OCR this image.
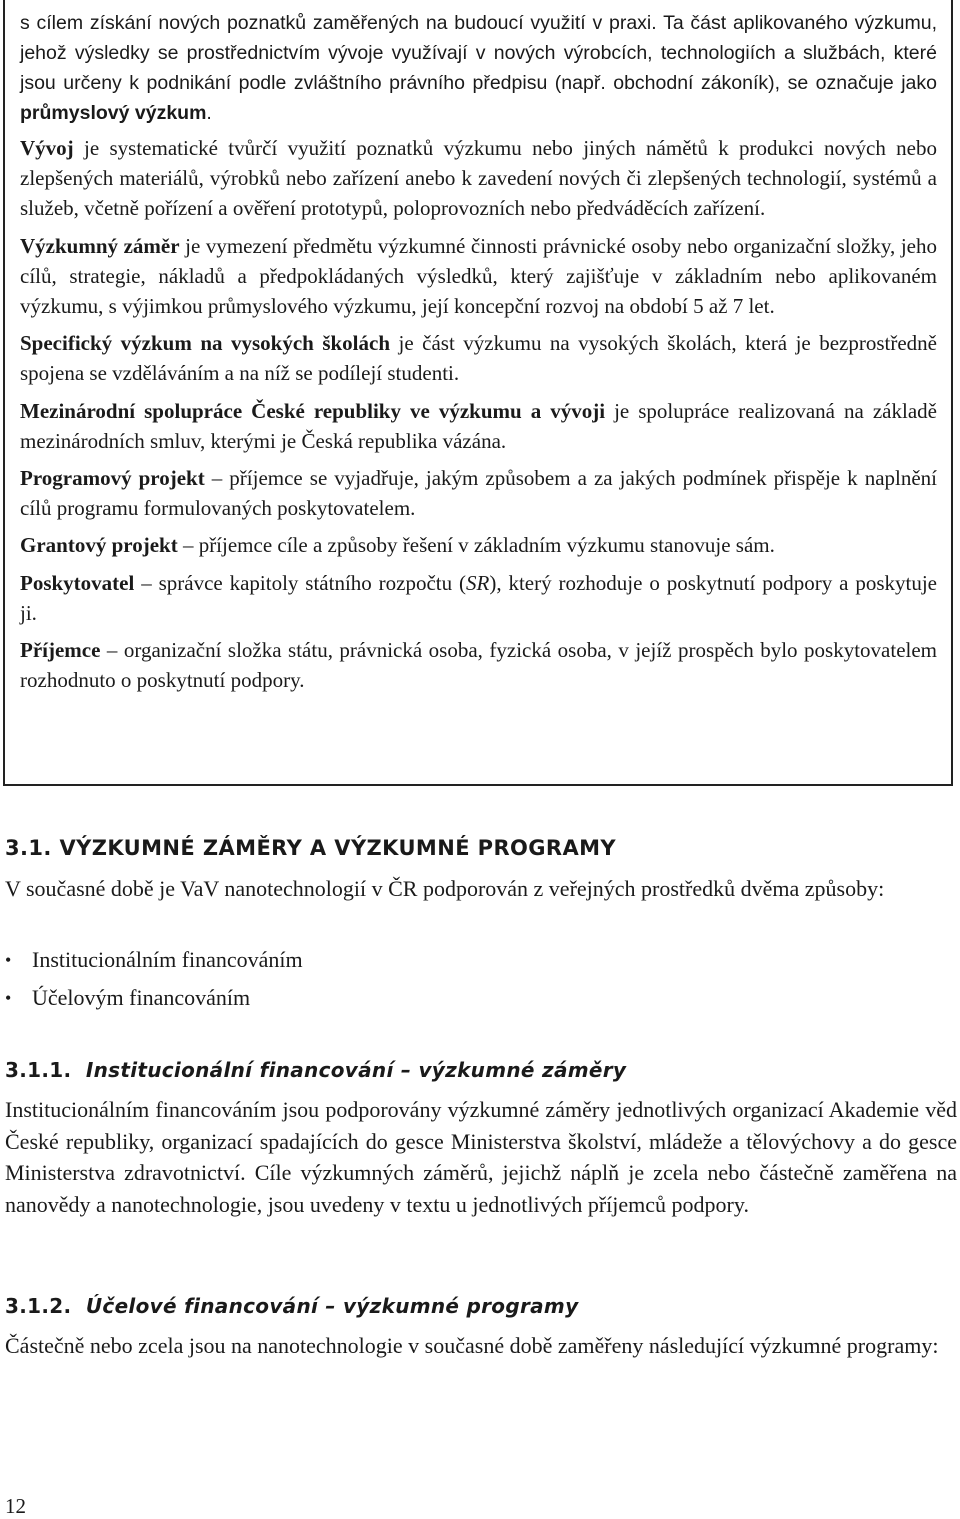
s cílem získání nových poznatků zaměřených na budoucí využití v praxi. Ta část aplikovaného výzkumu, jehož výsledky se prostřednictvím vývoje využívají v nových výrobcích, technologiích a službách, které jsou určeny k podnikání podle zvláštního právního předpisu (např. obchodní zákoník), se označuje jako průmyslový výzkum.

Vývoj je systematické tvůrčí využití poznatků výzkumu nebo jiných námětů k produkci nových nebo zlepšených materiálů, výrobků nebo zařízení anebo k zavedení nových či zlepšených technologií, systémů a služeb, včetně pořízení a ověření prototypů, poloprovozních nebo předváděcích zařízení.

Výzkumný záměr je vymezení předmětu výzkumné činnosti právnické osoby nebo organizační složky, jeho cílů, strategie, nákladů a předpokládaných výsledků, který zajišťuje v základním nebo aplikovaném výzkumu, s výjimkou průmyslového výzkumu, její koncepční rozvoj na období 5 až 7 let.

Specifický výzkum na vysokých školách je část výzkumu na vysokých školách, která je bezprostředně spojena se vzděláváním a na níž se podílejí studenti.

Mezinárodní spolupráce České republiky ve výzkumu a vývoji je spolupráce realizovaná na základě mezinárodních smluv, kterými je Česká republika vázána.

Programový projekt – příjemce se vyjadřuje, jakým způsobem a za jakých podmínek přispěje k naplnění cílů programu formulovaných poskytovatelem.

Grantový projekt – příjemce cíle a způsoby řešení v základním výzkumu stanovuje sám.

Poskytovatel – správce kapitoly státního rozpočtu (SR), který rozhoduje o poskytnutí podpory a poskytuje ji.

Příjemce – organizační složka státu, právnická osoba, fyzická osoba, v jejíž prospěch bylo poskytovatelem rozhodnuto o poskytnutí podpory.

3.1. VÝZKUMNÉ ZÁMĚRY A VÝZKUMNÉ PROGRAMY

V současné době je VaV nanotechnologií v ČR podporován z veřejných prostředků dvěma způsoby:

• Institucionálním financováním
• Účelovým financováním
3.1.1. Institucionální financování – výzkumné záměry

Institucionálním financováním jsou podporovány výzkumné záměry jednotlivých organizací Akademie věd České republiky, organizací spadajících do gesce Ministerstva školství, mládeže a tělovýchovy a do gesce Ministerstva zdravotnictví. Cíle výzkumných záměrů, jejichž náplň je zcela nebo částečně zaměřena na nanovědy a nanotechnologie, jsou uvedeny v textu u jednotlivých příjemců podpory.

3.1.2. Účelové financování – výzkumné programy

Částečně nebo zcela jsou na nanotechnologie v současné době zaměřeny následující výzkumné programy:

12
